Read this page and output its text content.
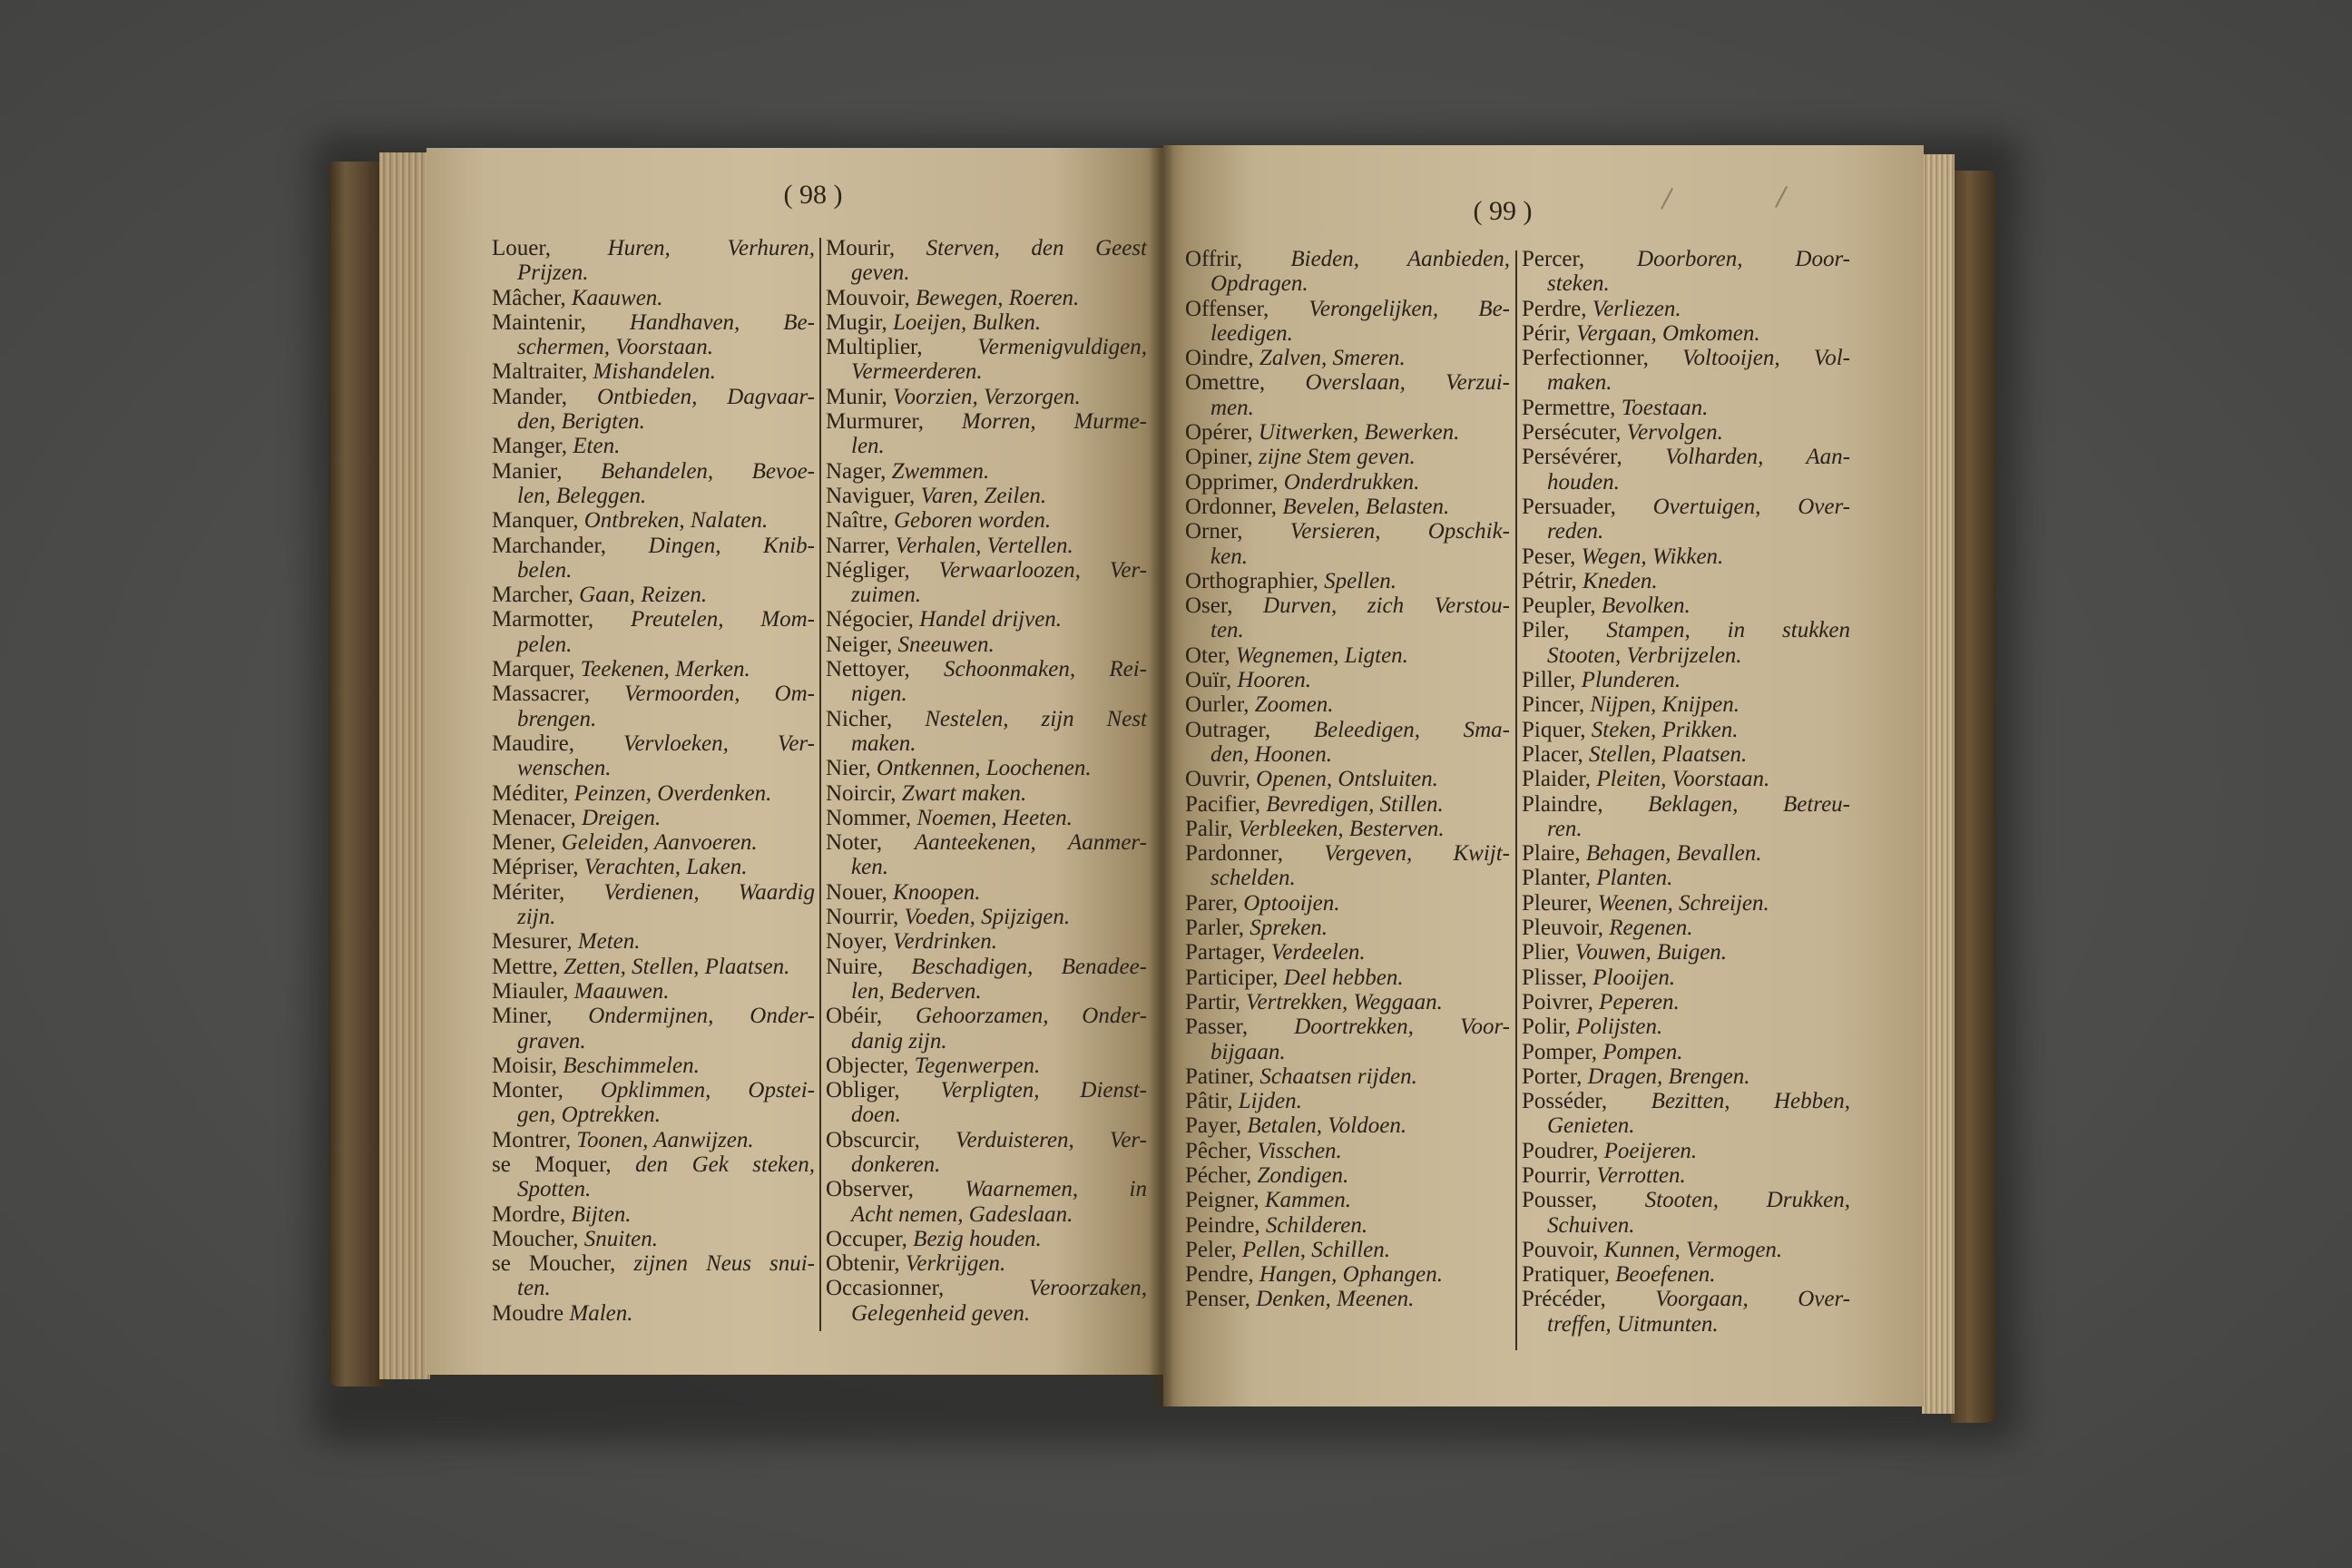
( 98 )
Louer, Huren, Verhuren,
Prijzen.
Mâcher, Kaauwen.
Maintenir, Handhaven, Be-
schermen, Voorstaan.
Maltraiter, Mishandelen.
Mander, Ontbieden, Dagvaar-
den, Berigten.
Manger, Eten.
Manier, Behandelen, Bevoe-
len, Beleggen.
Manquer, Ontbreken, Nalaten.
Marchander, Dingen, Knib-
belen.
Marcher, Gaan, Reizen.
Marmotter, Preutelen, Mom-
pelen.
Marquer, Teekenen, Merken.
Massacrer, Vermoorden, Om-
brengen.
Maudire, Vervloeken, Ver-
wenschen.
Méditer, Peinzen, Overdenken.
Menacer, Dreigen.
Mener, Geleiden, Aanvoeren.
Mépriser, Verachten, Laken.
Mériter, Verdienen, Waardig
zijn.
Mesurer, Meten.
Mettre, Zetten, Stellen, Plaatsen.
Miauler, Maauwen.
Miner, Ondermijnen, Onder-
graven.
Moisir, Beschimmelen.
Monter, Opklimmen, Opstei-
gen, Optrekken.
Montrer, Toonen, Aanwijzen.
se Moquer, den Gek steken,
Spotten.
Mordre, Bijten.
Moucher, Snuiten.
se Moucher, zijnen Neus snui-
ten.
Moudre Malen.
Mourir, Sterven, den Geest
geven.
Mouvoir, Bewegen, Roeren.
Mugir, Loeijen, Bulken.
Multiplier, Vermenigvuldigen,
Vermeerderen.
Munir, Voorzien, Verzorgen.
Murmurer, Morren, Murme-
len.
Nager, Zwemmen.
Naviguer, Varen, Zeilen.
Naître, Geboren worden.
Narrer, Verhalen, Vertellen.
Négliger, Verwaarloozen, Ver-
zuimen.
Négocier, Handel drijven.
Neiger, Sneeuwen.
Nettoyer, Schoonmaken, Rei-
nigen.
Nicher, Nestelen, zijn Nest
maken.
Nier, Ontkennen, Loochenen.
Noircir, Zwart maken.
Nommer, Noemen, Heeten.
Noter, Aanteekenen, Aanmer-
ken.
Nouer, Knoopen.
Nourrir, Voeden, Spijzigen.
Noyer, Verdrinken.
Nuire, Beschadigen, Benadee-
len, Bederven.
Obéir, Gehoorzamen, Onder-
danig zijn.
Objecter, Tegenwerpen.
Obliger, Verpligten, Dienst-
doen.
Obscurcir, Verduisteren, Ver-
donkeren.
Observer, Waarnemen, in
Acht nemen, Gadeslaan.
Occuper, Bezig houden.
Obtenir, Verkrijgen.
Occasionner, Veroorzaken,
Gelegenheid geven.
( 99 )
Offrir, Bieden, Aanbieden,
Opdragen.
Offenser, Verongelijken, Be-
leedigen.
Oindre, Zalven, Smeren.
Omettre, Overslaan, Verzui-
men.
Opérer, Uitwerken, Bewerken.
Opiner, zijne Stem geven.
Opprimer, Onderdrukken.
Ordonner, Bevelen, Belasten.
Orner, Versieren, Opschik-
ken.
Orthographier, Spellen.
Oser, Durven, zich Verstou-
ten.
Oter, Wegnemen, Ligten.
Ouïr, Hooren.
Ourler, Zoomen.
Outrager, Beleedigen, Sma-
den, Hoonen.
Ouvrir, Openen, Ontsluiten.
Pacifier, Bevredigen, Stillen.
Palir, Verbleeken, Besterven.
Pardonner, Vergeven, Kwijt-
schelden.
Parer, Optooijen.
Parler, Spreken.
Partager, Verdeelen.
Participer, Deel hebben.
Partir, Vertrekken, Weggaan.
Passer, Doortrekken, Voor-
bijgaan.
Patiner, Schaatsen rijden.
Pâtir, Lijden.
Payer, Betalen, Voldoen.
Pêcher, Visschen.
Pécher, Zondigen.
Peigner, Kammen.
Peindre, Schilderen.
Peler, Pellen, Schillen.
Pendre, Hangen, Ophangen.
Penser, Denken, Meenen.
Percer, Doorboren, Door-
steken.
Perdre, Verliezen.
Périr, Vergaan, Omkomen.
Perfectionner, Voltooijen, Vol-
maken.
Permettre, Toestaan.
Persécuter, Vervolgen.
Persévérer, Volharden, Aan-
houden.
Persuader, Overtuigen, Over-
reden.
Peser, Wegen, Wikken.
Pétrir, Kneden.
Peupler, Bevolken.
Piler, Stampen, in stukken
Stooten, Verbrijzelen.
Piller, Plunderen.
Pincer, Nijpen, Knijpen.
Piquer, Steken, Prikken.
Placer, Stellen, Plaatsen.
Plaider, Pleiten, Voorstaan.
Plaindre, Beklagen, Betreu-
ren.
Plaire, Behagen, Bevallen.
Planter, Planten.
Pleurer, Weenen, Schreijen.
Pleuvoir, Regenen.
Plier, Vouwen, Buigen.
Plisser, Plooijen.
Poivrer, Peperen.
Polir, Polijsten.
Pomper, Pompen.
Porter, Dragen, Brengen.
Posséder, Bezitten, Hebben,
Genieten.
Poudrer, Poeijeren.
Pourrir, Verrotten.
Pousser, Stooten, Drukken,
Schuiven.
Pouvoir, Kunnen, Vermogen.
Pratiquer, Beoefenen.
Précéder, Voorgaan, Over-
treffen, Uitmunten.
